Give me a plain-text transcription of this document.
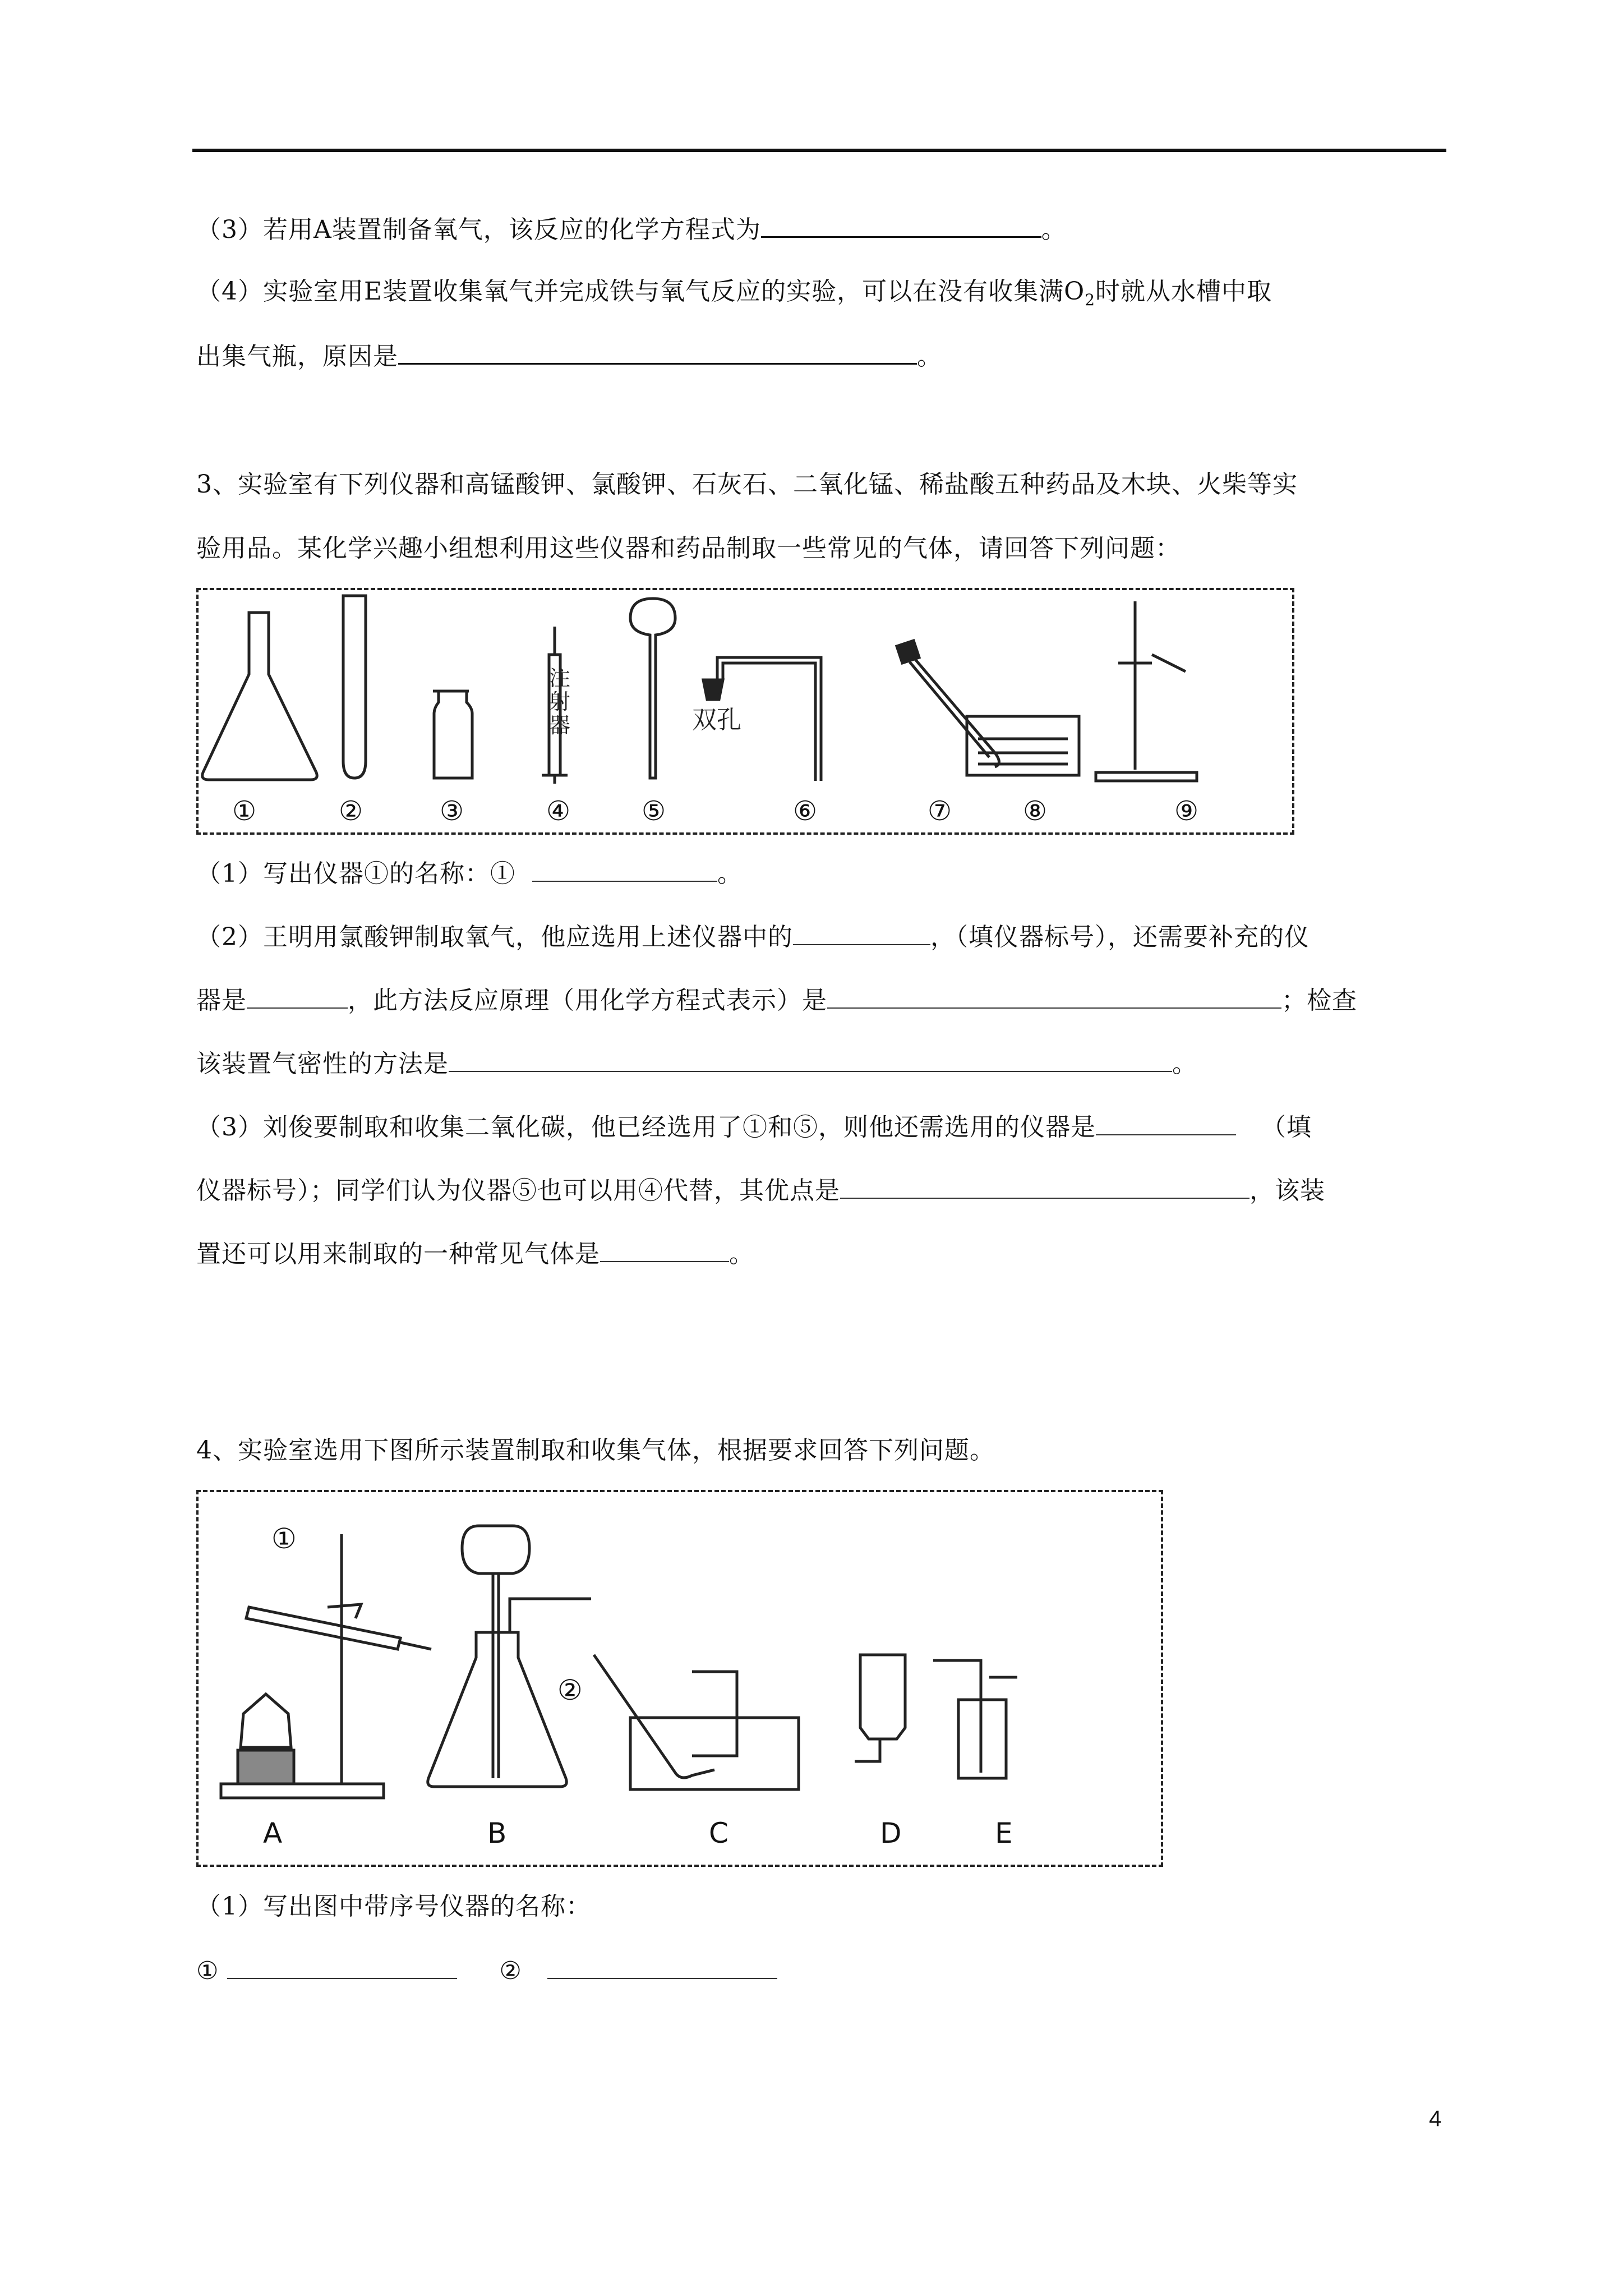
（3）若用A装置制备氧气，该反应的化学方程式为	。
（4）实验室用E装置收集氧气并完成铁与氧气反应的实验，可以在没有收集满$O_2$时就从水槽中取
出集气瓶，原因是	。
3、实验室有下列仪器和高锰酸钾、氯酸钾、石灰石、二氧化锰、稀盐酸五种药品及木块、火柴等实
验用品。某化学兴趣小组想利用这些仪器和药品制取一些常见的气体，请回答下列问题：
注
射
器	双孔
①	②	③	④	⑤	⑥	⑦	⑧	⑨
（1）写出仪器①的名称：①	。
（2）王明用氯酸钾制取氧气，他应选用上述仪器中的	，（填仪器标号），还需要补充的仪
器是	，此方法反应原理（用化学方程式表示）是	；检查
该装置气密性的方法是	。
（3）刘俊要制取和收集二氧化碳，他已经选用了①和⑤，则他还需选用的仪器是	（填
仪器标号）；同学们认为仪器⑤也可以用④代替，其优点是	，该装
置还可以用来制取的一种常见气体是	。
4、实验室选用下图所示装置制取和收集气体，根据要求回答下列问题。
A	B	C	D	E
①
②
（1）写出图中带序号仪器的名称：
①	②
4
